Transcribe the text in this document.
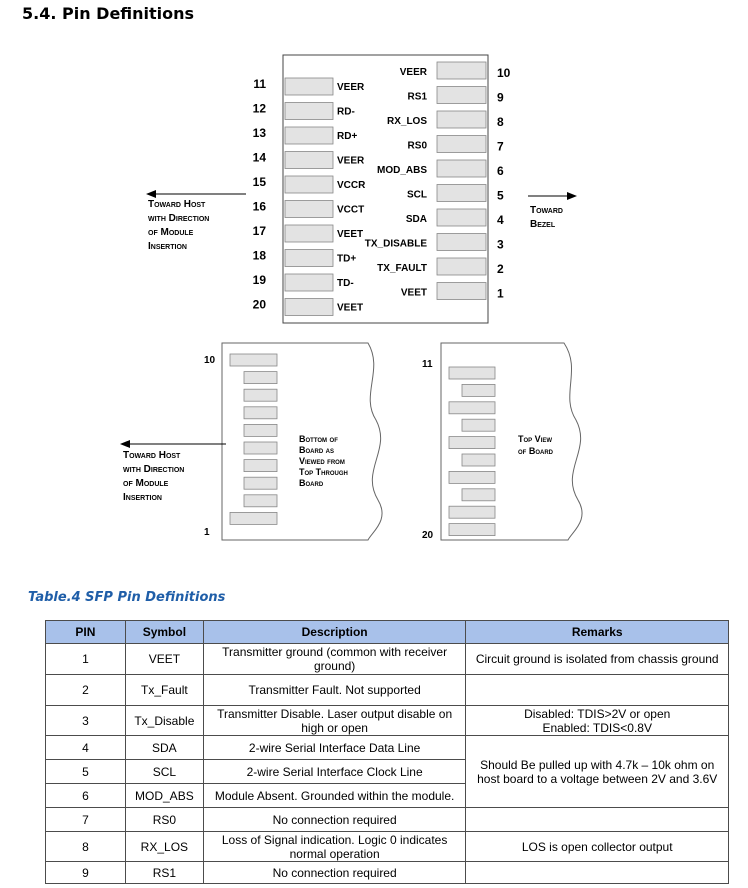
5.4. Pin Definitions
VEER
11
RD-
12
RD+
13
VEER
14
VCCR
15
VCCT
16
VEET
17
TD+
18
TD-
19
VEET
20
VEER	10
RS1	9
RX_LOS	8
RS0	7
MOD_ABS	6
SCL	5
SDA	4
TX_DISABLE	3
TX_FAULT	2
VEET	1
Toward Host
with Direction
of Module
Insertion
Toward
Bezel
10
1
Bottom of
Board as
Viewed from
Top Through
Board
Toward Host
with Direction
of Module
Insertion
11
20
Top View
of Board
Table.4 SFP Pin Definitions
PIN	Symbol	Description	Remarks
1	VEET	Transmitter ground (common with receiver ground)	Circuit ground is isolated from chassis ground
2	Tx_Fault	Transmitter Fault. Not supported	
3	Tx_Disable	Transmitter Disable. Laser output disable on high or open	Disabled: TDIS>2V or open
Enabled: TDIS<0.8V

4	SDA	2-wire Serial Interface Data Line	Should Be pulled up with 4.7k – 10k ohm on host board to a voltage between 2V and 3.6V
5	SCL	2-wire Serial Interface Clock Line	
6	MOD_ABS	Module Absent. Grounded within the module.	
7	RS0	No connection required	
8	RX_LOS	Loss of Signal indication. Logic 0 indicates normal operation	LOS is open collector output
9	RS1	No connection required	
